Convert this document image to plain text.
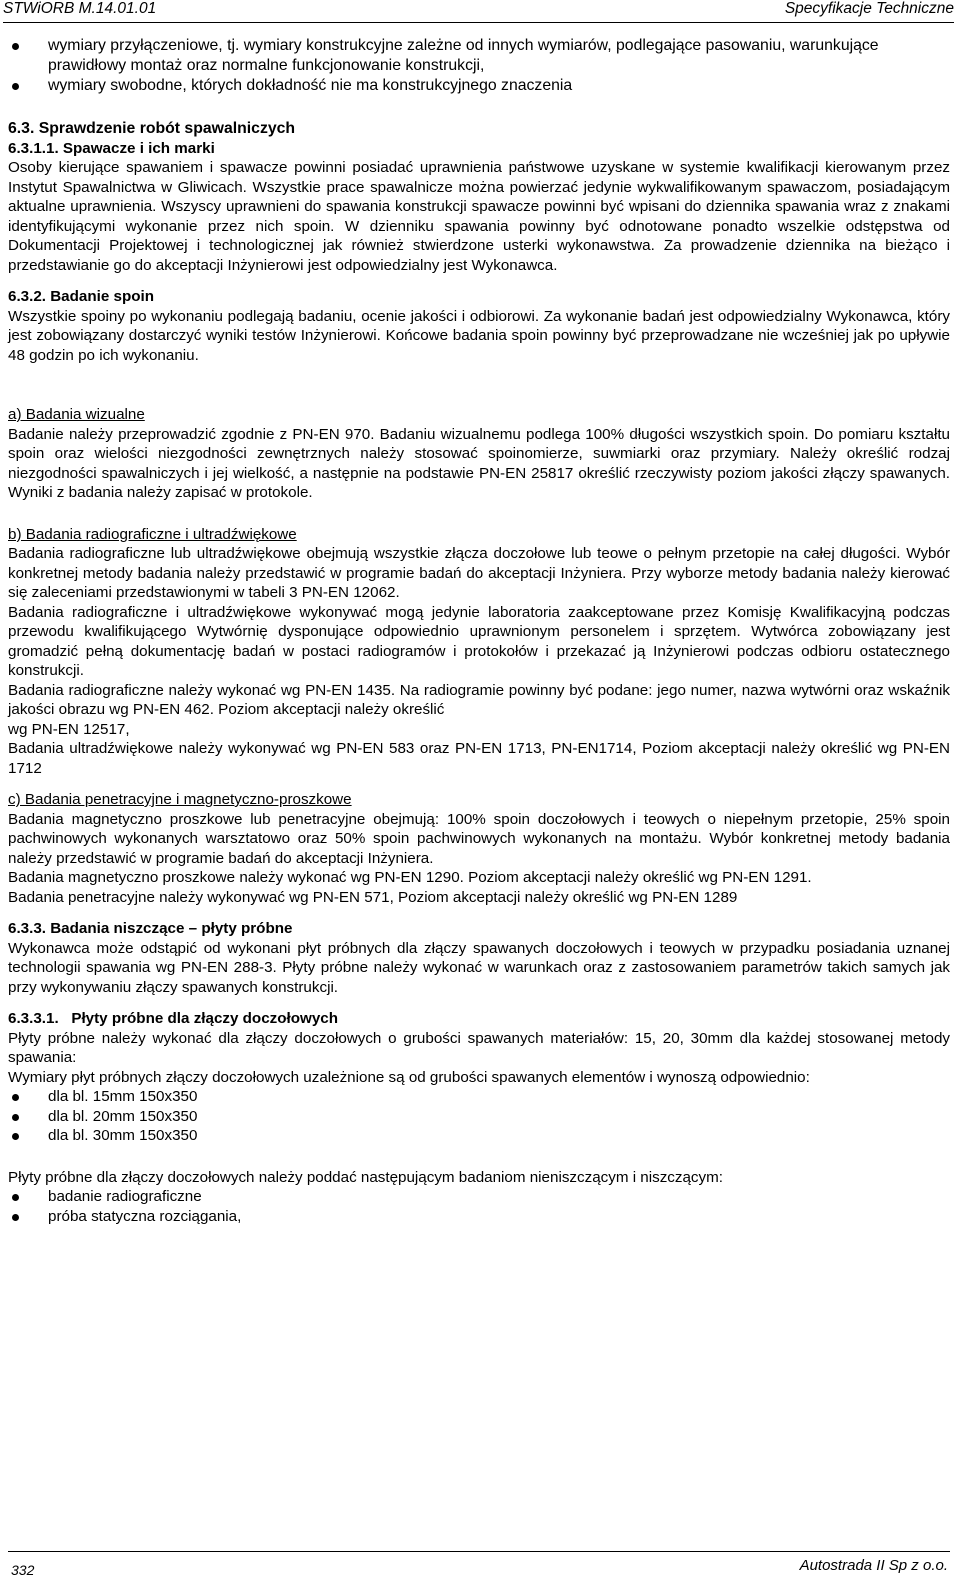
STWiORB M.14.01.01	Specyfikacje Techniczne
wymiary przyłączeniowe, tj. wymiary konstrukcyjne zależne od innych wymiarów, podlegające pasowaniu, warunkujące prawidłowy montaż oraz normalne funkcjonowanie konstrukcji,
wymiary swobodne, których dokładność nie ma konstrukcyjnego znaczenia
6.3. Sprawdzenie robót spawalniczych
6.3.1.1. Spawacze i ich marki

Osoby kierujące spawaniem i spawacze powinni posiadać uprawnienia państwowe uzyskane w systemie kwalifikacji kierowanym przez Instytut Spawalnictwa w Gliwicach. Wszystkie prace spawalnicze można powierzać jedynie wykwalifikowanym spawaczom, posiadającym aktualne uprawnienia. Wszyscy uprawnieni do spawania konstrukcji spawacze powinni być wpisani do dziennika spawania wraz z znakami identyfikującymi wykonanie przez nich spoin. W dzienniku spawania powinny być odnotowane ponadto wszelkie odstępstwa od Dokumentacji Projektowej i technologicznej jak również stwierdzone usterki wykonawstwa. Za prowadzenie dziennika na bieżąco i przedstawianie go do akceptacji Inżynierowi jest odpowiedzialny jest Wykonawca.

6.3.2. Badanie spoin

Wszystkie spoiny po wykonaniu podlegają badaniu, ocenie jakości i odbiorowi. Za wykonanie badań jest odpowiedzialny Wykonawca, który jest zobowiązany dostarczyć wyniki testów Inżynierowi. Końcowe badania spoin powinny być przeprowadzane nie wcześniej jak po upływie 48 godzin po ich wykonaniu.

a) Badania wizualne

Badanie należy przeprowadzić zgodnie z PN-EN 970. Badaniu wizualnemu podlega 100% długości wszystkich spoin. Do pomiaru kształtu spoin oraz wielości niezgodności zewnętrznych należy stosować spoinomierze, suwmiarki oraz przymiary. Należy określić rodzaj niezgodności spawalniczych i jej wielkość, a następnie na podstawie PN-EN 25817 określić rzeczywisty poziom jakości złączy spawanych. Wyniki z badania należy zapisać w protokole.

b) Badania radiograficzne i ultradźwiękowe

Badania radiograficzne lub ultradźwiękowe obejmują wszystkie złącza doczołowe lub teowe o pełnym przetopie na całej długości. Wybór konkretnej metody badania należy przedstawić w programie badań do akceptacji Inżyniera. Przy wyborze metody badania należy kierować się zaleceniami przedstawionymi w tabeli 3 PN-EN 12062.

Badania radiograficzne i ultradźwiękowe wykonywać mogą jedynie laboratoria zaakceptowane przez Komisję Kwalifikacyjną podczas przewodu kwalifikującego Wytwórnię dysponujące odpowiednio uprawnionym personelem i sprzętem. Wytwórca zobowiązany jest gromadzić pełną dokumentację badań w postaci radiogramów i protokołów i przekazać ją Inżynierowi podczas odbioru ostatecznego konstrukcji.

Badania radiograficzne należy wykonać wg PN-EN 1435. Na radiogramie powinny być podane: jego numer, nazwa wytwórni oraz wskaźnik jakości obrazu wg PN-EN 462. Poziom akceptacji należy określić

wg PN-EN 12517,

Badania ultradźwiękowe należy wykonywać wg PN-EN 583 oraz PN-EN 1713, PN-EN1714, Poziom akceptacji należy określić wg PN-EN 1712

c) Badania penetracyjne i magnetyczno-proszkowe

Badania magnetyczno proszkowe lub penetracyjne obejmują: 100% spoin doczołowych i teowych o niepełnym przetopie, 25% spoin pachwinowych wykonanych warsztatowo oraz 50% spoin pachwinowych wykonanych na montażu. Wybór konkretnej metody badania należy przedstawić w programie badań do akceptacji Inżyniera.

Badania magnetyczno proszkowe należy wykonać wg PN-EN 1290. Poziom akceptacji należy określić wg PN-EN 1291.

Badania penetracyjne należy wykonywać wg PN-EN 571, Poziom akceptacji należy określić wg PN-EN 1289

6.3.3. Badania niszczące – płyty próbne

Wykonawca może odstąpić od wykonani płyt próbnych dla złączy spawanych doczołowych i teowych w przypadku posiadania uznanej technologii spawania wg PN-EN 288-3. Płyty próbne należy wykonać w warunkach oraz z zastosowaniem parametrów takich samych jak przy wykonywaniu złączy spawanych konstrukcji.

6.3.3.1.   Płyty próbne dla złączy doczołowych

Płyty próbne należy wykonać dla złączy doczołowych o grubości spawanych materiałów: 15, 20, 30mm dla każdej stosowanej metody spawania:

Wymiary płyt próbnych złączy doczołowych uzależnione są od grubości spawanych elementów i wynoszą odpowiednio:

dla bl. 15mm 150x350
dla bl. 20mm 150x350
dla bl. 30mm 150x350

Płyty próbne dla złączy doczołowych należy poddać następującym badaniom nieniszczącym i niszczącym:

badanie radiograficzne
próba statyczna rozciągania,
332	Autostrada II Sp z o.o.
